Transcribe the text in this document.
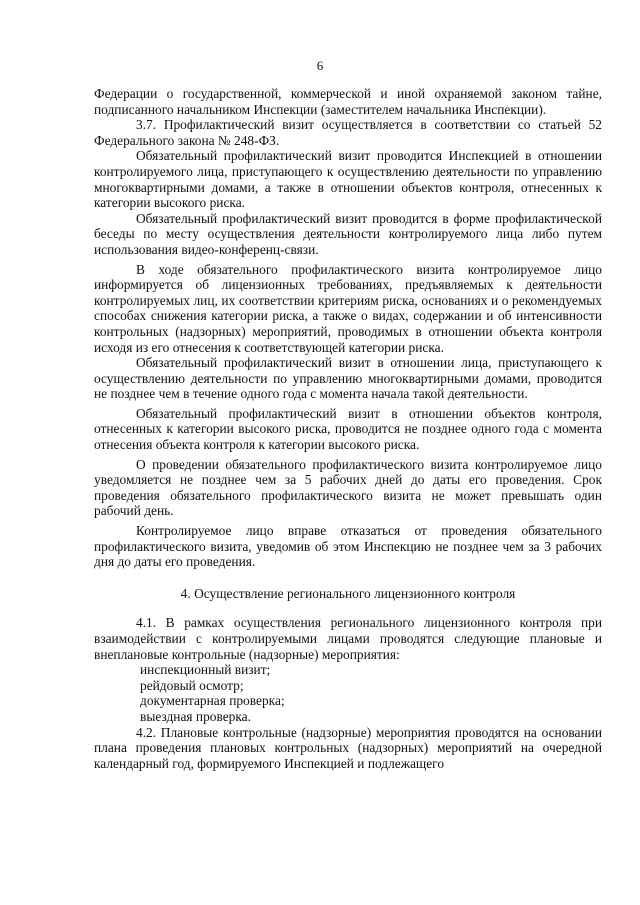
6

Федерации о государственной, коммерческой и иной охраняемой законом тайне, подписанного начальником Инспекции (заместителем начальника Инспекции).

3.7. Профилактический визит осуществляется в соответствии со статьей 52 Федерального закона № 248-ФЗ.

Обязательный профилактический визит проводится Инспекцией в отношении контролируемого лица, приступающего к осуществлению деятельности по управлению многоквартирными домами, а также в отношении объектов контроля, отнесенных к категории высокого риска.

Обязательный профилактический визит проводится в форме профилактической беседы по месту осуществления деятельности контролируемого лица либо путем использования видео-конференц-связи.

В ходе обязательного профилактического визита контролируемое лицо информируется об лицензионных требованиях, предъявляемых к деятельности контролируемых лиц, их соответствии критериям риска, основаниях и о рекомендуемых способах снижения категории риска, а также о видах, содержании и об интенсивности контрольных (надзорных) мероприятий, проводимых в отношении объекта контроля исходя из его отнесения к соответствующей категории риска.

Обязательный профилактический визит в отношении лица, приступающего к осуществлению деятельности по управлению многоквартирными домами, проводится не позднее чем в течение одного года с момента начала такой деятельности.

Обязательный профилактический визит в отношении объектов контроля, отнесенных к категории высокого риска, проводится не позднее одного года с момента отнесения объекта контроля к категории высокого риска.

О проведении обязательного профилактического визита контролируемое лицо уведомляется не позднее чем за 5 рабочих дней до даты его проведения. Срок проведения обязательного профилактического визита не может превышать один рабочий день.

Контролируемое лицо вправе отказаться от проведения обязательного профилактического визита, уведомив об этом Инспекцию не позднее чем за 3 рабочих дня до даты его проведения.

4. Осуществление регионального лицензионного контроля

4.1. В рамках осуществления регионального лицензионного контроля при взаимодействии с контролируемыми лицами проводятся следующие плановые и внеплановые контрольные (надзорные) мероприятия:

инспекционный визит;

рейдовый осмотр;

документарная проверка;

выездная проверка.

4.2. Плановые контрольные (надзорные) мероприятия проводятся на основании плана проведения плановых контрольных (надзорных) мероприятий на очередной календарный год, формируемого Инспекцией и подлежащего
